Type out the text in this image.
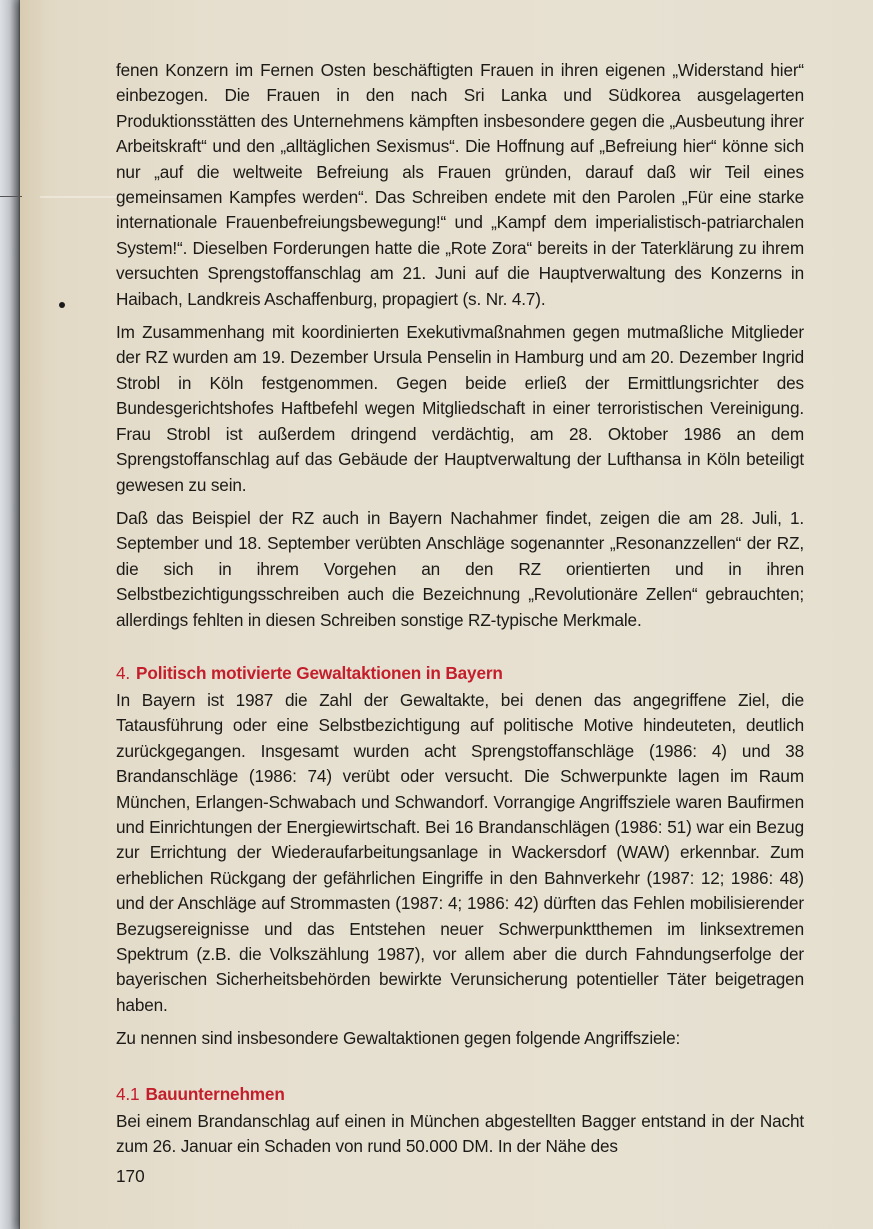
fenen Konzern im Fernen Osten beschäftigten Frauen in ihren eigenen „Widerstand hier“ einbezogen. Die Frauen in den nach Sri Lanka und Südkorea ausgelagerten Produktionsstätten des Unternehmens kämpften insbesondere gegen die „Ausbeutung ihrer Arbeitskraft“ und den „alltäglichen Sexismus“. Die Hoffnung auf „Befreiung hier“ könne sich nur „auf die weltweite Befreiung als Frauen gründen, darauf daß wir Teil eines gemeinsamen Kampfes werden“. Das Schreiben endete mit den Parolen „Für eine starke internationale Frauenbefreiungsbewegung!“ und „Kampf dem imperialistisch-patriarchalen System!“. Dieselben Forderungen hatte die „Rote Zora“ bereits in der Taterklärung zu ihrem versuchten Sprengstoffanschlag am 21. Juni auf die Hauptverwaltung des Konzerns in Haibach, Landkreis Aschaffenburg, propagiert (s. Nr. 4.7).

Im Zusammenhang mit koordinierten Exekutivmaßnahmen gegen mutmaßliche Mitglieder der RZ wurden am 19. Dezember Ursula Penselin in Hamburg und am 20. Dezember Ingrid Strobl in Köln festgenommen. Gegen beide erließ der Ermittlungsrichter des Bundesgerichtshofes Haftbefehl wegen Mitgliedschaft in einer terroristischen Vereinigung. Frau Strobl ist außerdem dringend verdächtig, am 28. Oktober 1986 an dem Sprengstoffanschlag auf das Gebäude der Hauptverwaltung der Lufthansa in Köln beteiligt gewesen zu sein.

Daß das Beispiel der RZ auch in Bayern Nachahmer findet, zeigen die am 28. Juli, 1. September und 18. September verübten Anschläge sogenannter „Resonanzzellen“ der RZ, die sich in ihrem Vorgehen an den RZ orientierten und in ihren Selbstbezichtigungsschreiben auch die Bezeichnung „Revolutionäre Zellen“ gebrauchten; allerdings fehlten in diesen Schreiben sonstige RZ-typische Merkmale.

4. Politisch motivierte Gewaltaktionen in Bayern

In Bayern ist 1987 die Zahl der Gewaltakte, bei denen das angegriffene Ziel, die Tatausführung oder eine Selbstbezichtigung auf politische Motive hindeuteten, deutlich zurückgegangen. Insgesamt wurden acht Sprengstoffanschläge (1986: 4) und 38 Brandanschläge (1986: 74) verübt oder versucht. Die Schwerpunkte lagen im Raum München, Erlangen-Schwabach und Schwandorf. Vorrangige Angriffsziele waren Baufirmen und Einrichtungen der Energiewirtschaft. Bei 16 Brandanschlägen (1986: 51) war ein Bezug zur Errichtung der Wiederaufarbeitungsanlage in Wackersdorf (WAW) erkennbar. Zum erheblichen Rückgang der gefährlichen Eingriffe in den Bahnverkehr (1987: 12; 1986: 48) und der Anschläge auf Strommasten (1987: 4; 1986: 42) dürften das Fehlen mobilisierender Bezugsereignisse und das Entstehen neuer Schwerpunktthemen im linksextremen Spektrum (z.B. die Volkszählung 1987), vor allem aber die durch Fahndungserfolge der bayerischen Sicherheitsbehörden bewirkte Verunsicherung potentieller Täter beigetragen haben.

Zu nennen sind insbesondere Gewaltaktionen gegen folgende Angriffsziele:

4.1 Bauunternehmen

Bei einem Brandanschlag auf einen in München abgestellten Bagger entstand in der Nacht zum 26. Januar ein Schaden von rund 50.000 DM. In der Nähe des

170
